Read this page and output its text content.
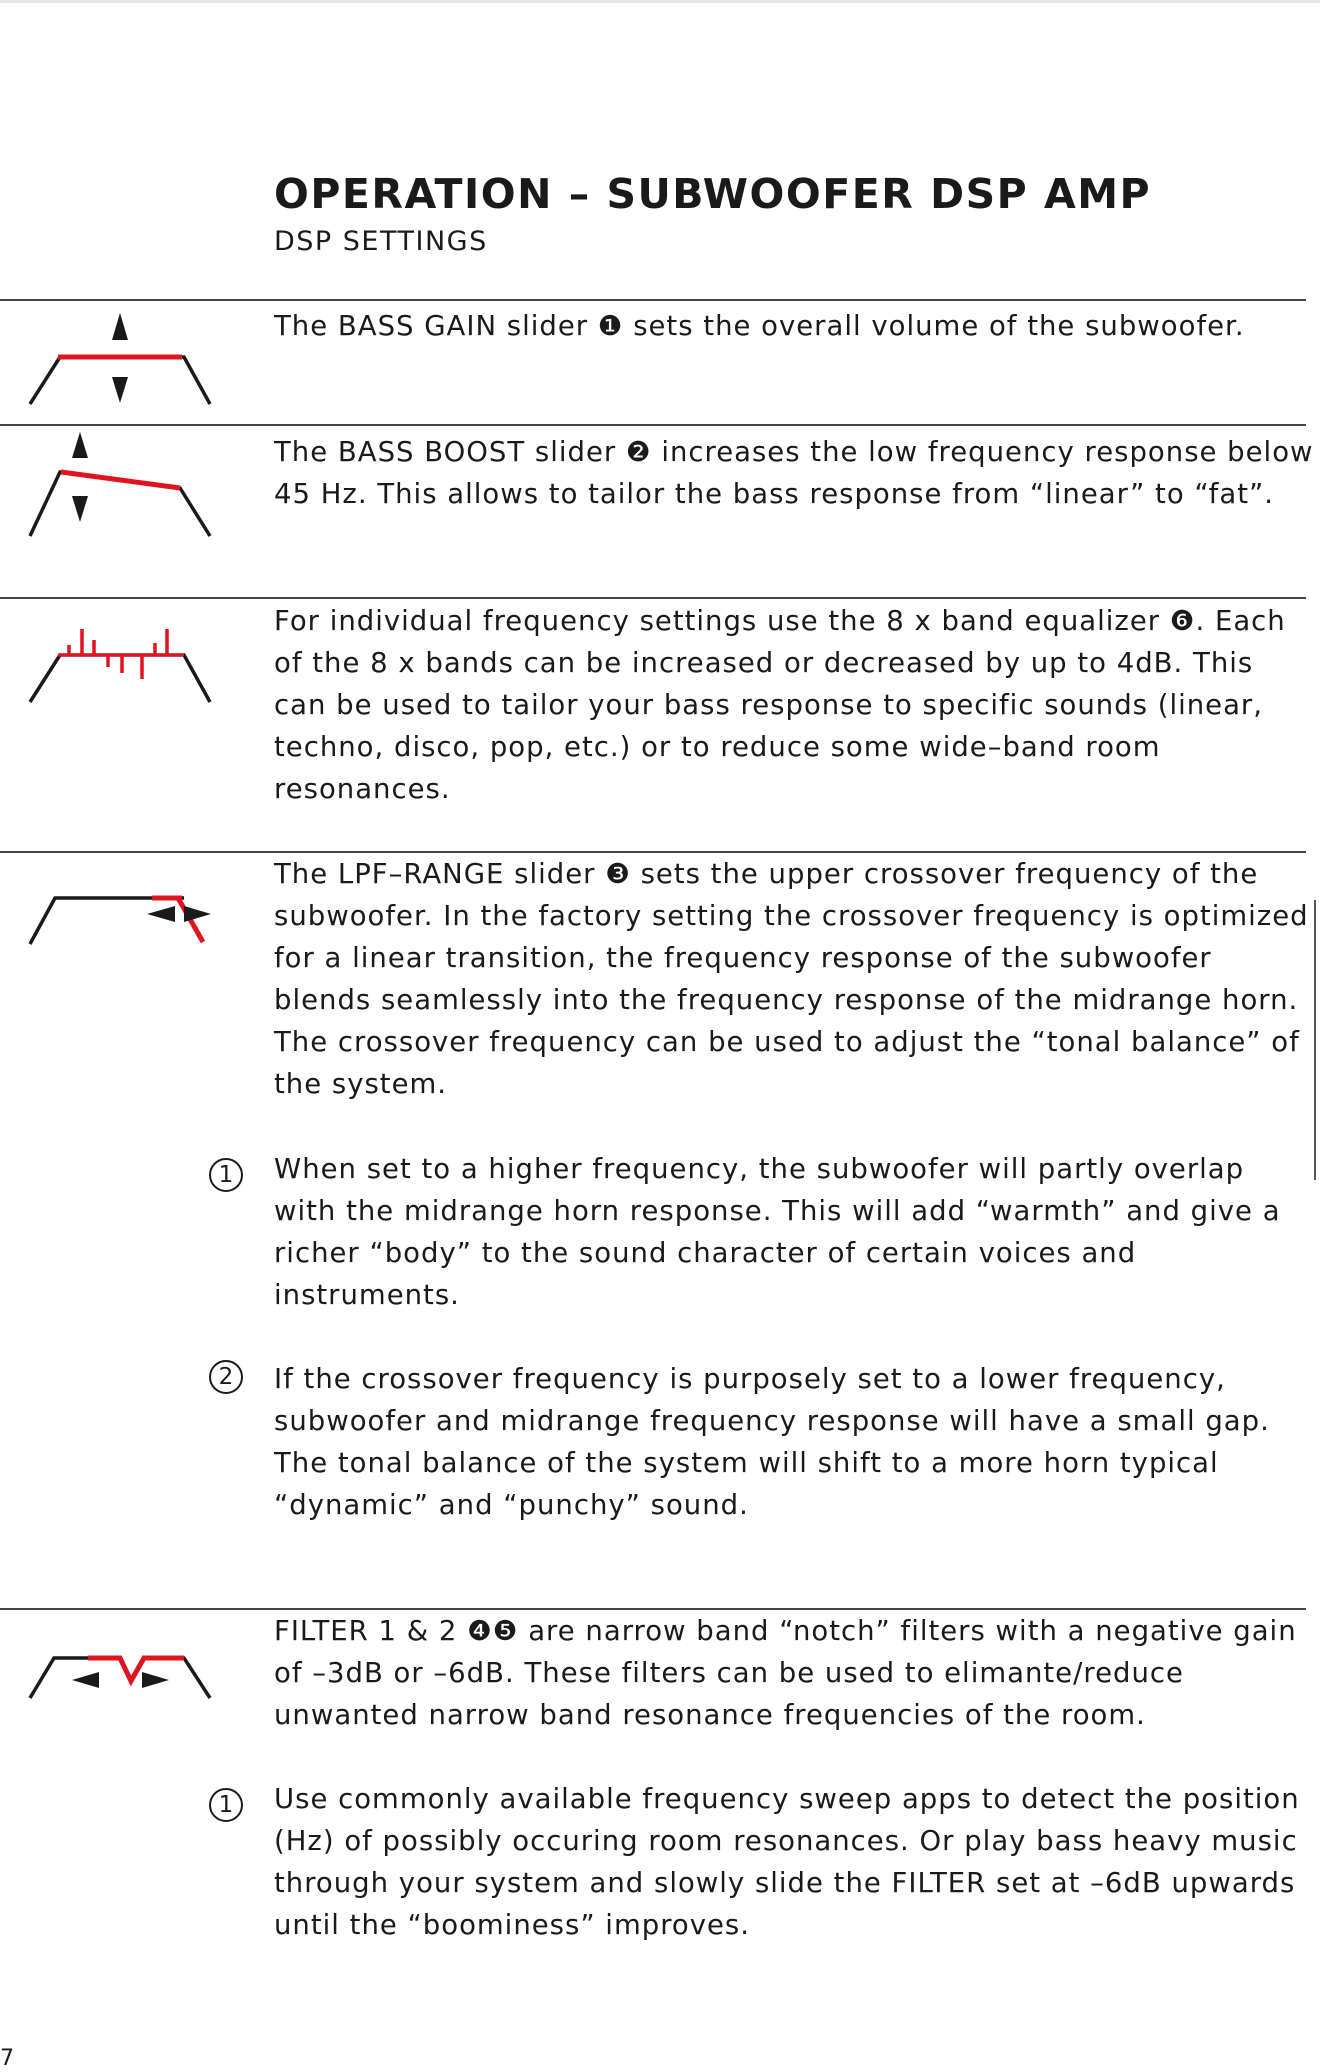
OPERATION – SUBWOOFER DSP AMP
DSP SETTINGS
The BASS GAIN slider ❶ sets the overall volume of the subwoofer.
The BASS BOOST slider ❷ increases the low frequency response below 45 Hz. This allows to tailor the bass response from “linear” to “fat”.
For individual frequency settings use the 8 x band equalizer ❻. Each of the 8 x bands can be increased or decreased by up to 4dB. This can be used to tailor your bass response to specific sounds (linear, techno, disco, pop, etc.) or to reduce some wide–band room resonances.
The LPF–RANGE slider ❸ sets the upper crossover frequency of the subwoofer. In the factory setting the crossover frequency is optimized for a linear transition, the frequency response of the subwoofer blends seamlessly into the frequency response of the midrange horn. The crossover frequency can be used to adjust the “tonal balance” of the system.
1	When set to a higher frequency, the subwoofer will partly overlap with the midrange horn response. This will add “warmth” and give a richer “body” to the sound character of certain voices and instruments.
2	If the crossover frequency is purposely set to a lower frequency, subwoofer and midrange frequency response will have a small gap. The tonal balance of the system will shift to a more horn typical “dynamic” and “punchy” sound.
FILTER 1 & 2 ❹❺ are narrow band “notch” filters with a negative gain of –3dB or –6dB. These filters can be used to elimante/reduce unwanted narrow band resonance frequencies of the room.
1	Use commonly available frequency sweep apps to detect the position (Hz) of possibly occuring room resonances. Or play bass heavy music through your system and slowly slide the FILTER set at –6dB upwards until the “boominess” improves.
7
